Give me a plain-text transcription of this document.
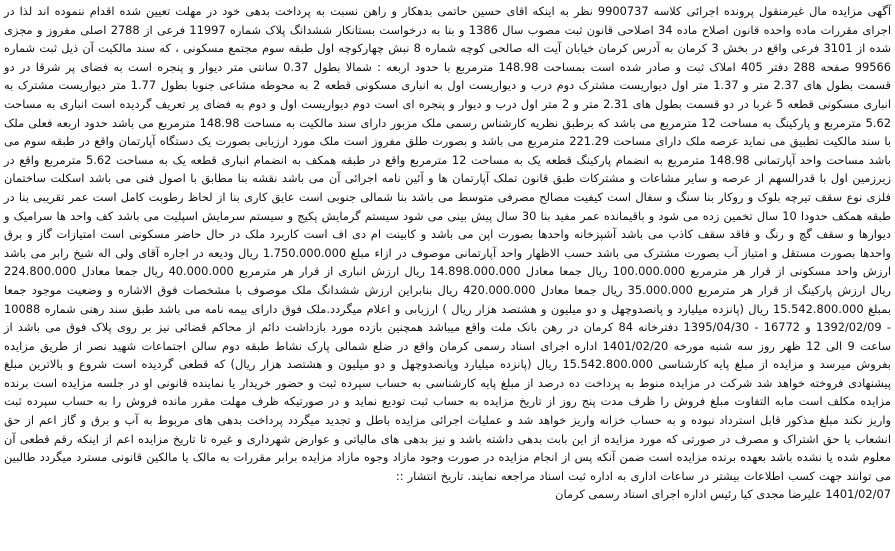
آگهی مزایده مال غیرمنقول پرونده اجرائی کلاسه 9900737 نظر به اینکه اقای حسین حاتمی بدهکار و راهن نسبت به پرداخت بدهی خود در مهلت تعیین شده اقدام ننموده اند لذا در اجرای مقررات ماده واحده قانون اصلاح ماده 34 اصلاحی قانون ثبت مصوب سال 1386 و بنا به درخواست بستانکار ششدانگ پلاک شماره 11997 فرعی از 2788 اصلی مفروز و مجزی شده از 3101 فرعی واقع در بخش 3 کرمان به آدرس کرمان خیابان آیت اله صالحی کوچه شماره 8 نبش چهارکوچه اول طبقه سوم مجتمع مسکونی ، که سند مالکیت آن ذیل ثبت شماره 99566 صفحه 288 دفتر 405 املاک ثبت و صادر شده است بمساحت 148.98 مترمربع با حدود اربعه : شمالا بطول 0.37 سانتی متر دیوار و پنجره است به فضای پر شرقا در دو قسمت بطول های 2.37 متر و 1.37 متر اول دیواریست مشترک دوم درب و دیواریست اول به انباری مسکونی قطعه 2 به محوطه مشاعی جنوبا بطول 1.77 متر دیواریست مشترک به انباری مسکونی قطعه 5 غربا در دو قسمت بطول های 2.31 متر و 2 متر اول درب و دیوار و پنجره ای است دوم دیواریست اول و دوم به فضای پر تعریف گردیده است انباری به مساحت 5.62 مترمربع و پارکینگ به مساحت 12 مترمربع می باشد که برطبق نظریه کارشناس رسمی ملک مزبور دارای سند مالکیت به مساحت 148.98 مترمربع می باشد حدود اربعه فعلی ملک با سند مالکیت تطبیق می نماید عرصه ملک دارای مساحت 221.29 مترمربع می باشد و بصورت طلق مفروز است ملک مورد ارزیابی بصورت یک دستگاه آپارتمان واقع در طبقه سوم می باشد مساحت واحد آپارتمانی 148.98 مترمربع به انضمام پارکینگ قطعه یک به مساحت 12 مترمربع واقع در طبقه همکف به انضمام انباری قطعه یک به مساحت 5.62 مترمربع واقع در زیرزمین اول با قدرالسهم از عرصه و سایر مشاعات و مشترکات طبق قانون تملک آپارتمان ها و آئین نامه اجرائی آن می باشد نقشه بنا مطابق با اصول فنی می باشد اسکلت ساختمان فلزی نوع سقف تیرچه بلوک و روکار بنا سنگ و سفال است کیفیت مصالح مصرفی متوسط می باشد بنا شمالی جنوبی است عایق کاری بنا از لحاظ رطوبت کامل است عمر تقریبی بنا در طبقه همکف حدودا 10 سال تخمین زده می شود و باقیمانده عمر مفید بنا 30 سال پیش بینی می شود سیستم گرمایش پکیج و سیستم سرمایش اسپلیت می باشد کف واحد ها سرامیک و دیوارها و سقف گچ و رنگ و فاقد سقف کاذب می باشد آشپزخانه واحدها بصورت اپن می باشد و کابینت ام دی اف است کاربرد ملک در حال حاضر مسکونی است امتیازات گاز و برق واحدها بصورت مستقل و امتیاز آب بصورت مشترک می باشد حسب الاظهار واحد آپارتمانی موصوف در ازاء مبلغ 1.750.000.000 ریال ودیعه در اجاره آقای ولی اله شیخ رابر می باشد ارزش واحد مسکونی از قرار هر مترمربع 100.000.000 ریال جمعا معادل 14.898.000.000 ریال ارزش انباری از قرار هر مترمربع 40.000.000 ریال جمعا معادل 224.800.000 ریال ارزش پارکینگ از قرار هر مترمربع 35.000.000 ریال جمعا معادل 420.000.000 ریال بنابراین ارزش ششدانگ ملک موصوف با مشخصات فوق الاشاره و وضعیت موجود جمعا بمبلغ 15.542.800.000 ریال (پانزده میلیارد و پانصدوچهل و دو میلیون و هشتصد هزار ریال ) ارزیابی و اعلام میگردد.ملک فوق دارای بیمه نامه می باشد طبق سند رهنی شماره 10088 - 1392/02/09 و 16772 - 1395/04/30 دفترخانه 84 کرمان در رهن بانک ملت واقع میباشد همچنین بازده مورد بازداشت دائم از محاکم قضائی نیز بر روی پلاک فوق می باشد از ساعت 9 الی 12 ظهر روز سه شنبه مورخه 1401/02/20 اداره اجرای اسناد رسمی کرمان واقع در ضلع شمالی پارک نشاط طبقه دوم سالن اجتماعات شهید نصر از طریق مزایده بفروش میرسد و مزایده از مبلغ پایه کارشناسی 15.542.800.000 ریال (پانزده میلیارد وپانصدوچهل و دو میلیون و هشتصد هزار ریال) که قطعی گردیده است شروع و بالاترین مبلغ پیشنهادی فروخته خواهد شد شرکت در مزایده منوط به پرداخت ده درصد از مبلغ پایه کارشناسی به حساب سپرده ثبت و حضور خریدار یا نماینده قانونی او در جلسه مزایده است برنده مزایده مکلف است مابه التفاوت مبلغ فروش را ظرف مدت پنج روز از تاریخ مزایده به حساب ثبت تودیع نماید و در صورتیکه ظرف مهلت مقرر مانده فروش را به حساب سپرده ثبت واریز نکند مبلغ مذکور قابل استرداد نبوده و به حساب خزانه واریز خواهد شد و عملیات اجرائی مزایده باطل و تجدید میگردد پرداخت بدهی های مربوط به آب و برق و گاز اعم از حق انشعاب یا حق اشتراک و مصرف در صورتی که مورد مزایده از این بابت بدهی داشته باشد و نیز بدهی های مالیاتی و عوارض شهرداری و غیره تا تاریخ مزایده اعم از اینکه رقم قطعی آن معلوم شده یا نشده باشد بعهده برنده مزایده است ضمن آنکه پس از انجام مزایده در صورت وجود مازاد وجوه مازاد مزایده برابر مقررات به مالک یا مالکین قانونی مسترد میگردد طالبین می توانند جهت کسب اطلاعات بیشتر در ساعات اداری به اداره ثبت اسناد مراجعه نمایند. تاریخ انتشار ::

1401/02/07 علیرضا مجدی کیا رئیس اداره اجرای اسناد رسمی کرمان
